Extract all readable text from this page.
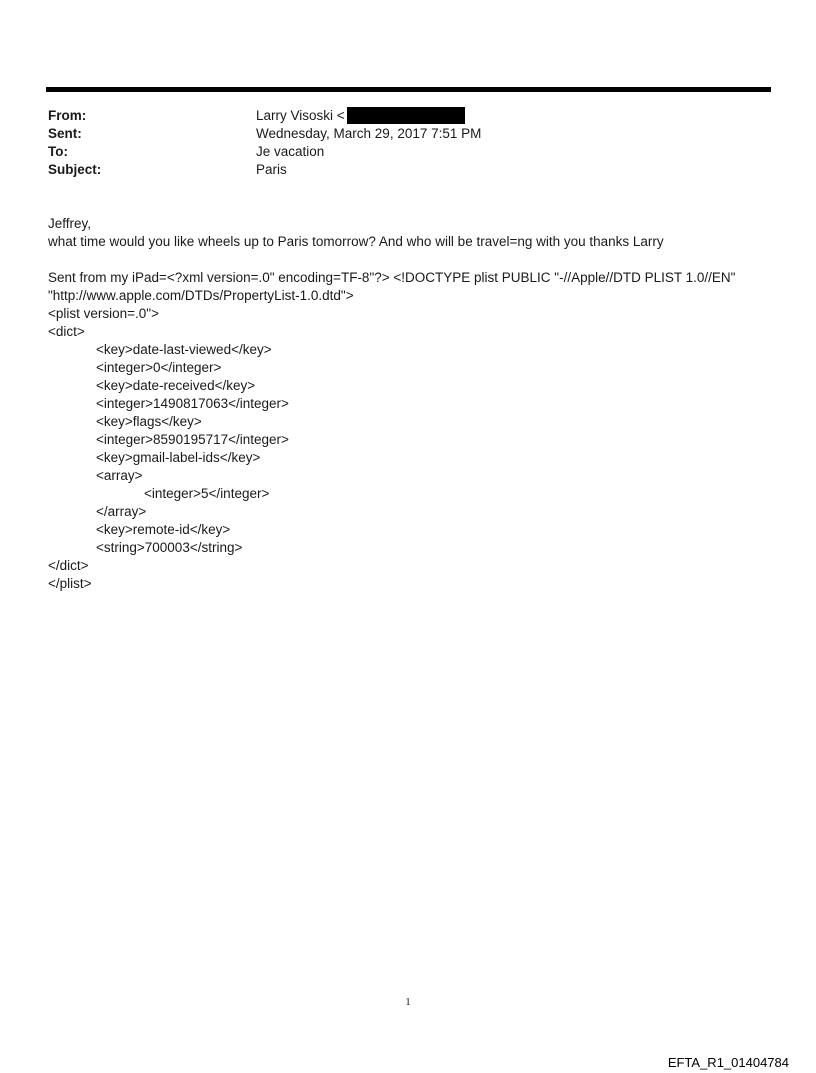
From:	Larry Visoski <
Sent:	Wednesday, March 29, 2017 7:51 PM
To:	Je vacation
Subject:	Paris
Jeffrey,
what time would you like wheels up to Paris tomorrow? And who will be travel=ng with you thanks Larry
Sent from my iPad=<?xml version=.0" encoding=TF-8"?> <!DOCTYPE plist PUBLIC "-//Apple//DTD PLIST 1.0//EN"
"http://www.apple.com/DTDs/PropertyList-1.0.dtd">
<plist version=.0">
<dict>
<key>date-last-viewed</key>
<integer>0</integer>
<key>date-received</key>
<integer>1490817063</integer>
<key>flags</key>
<integer>8590195717</integer>
<key>gmail-label-ids</key>
<array>
<integer>5</integer>
</array>
<key>remote-id</key>
<string>700003</string>
</dict>
</plist>
1
EFTA_R1_01404784
